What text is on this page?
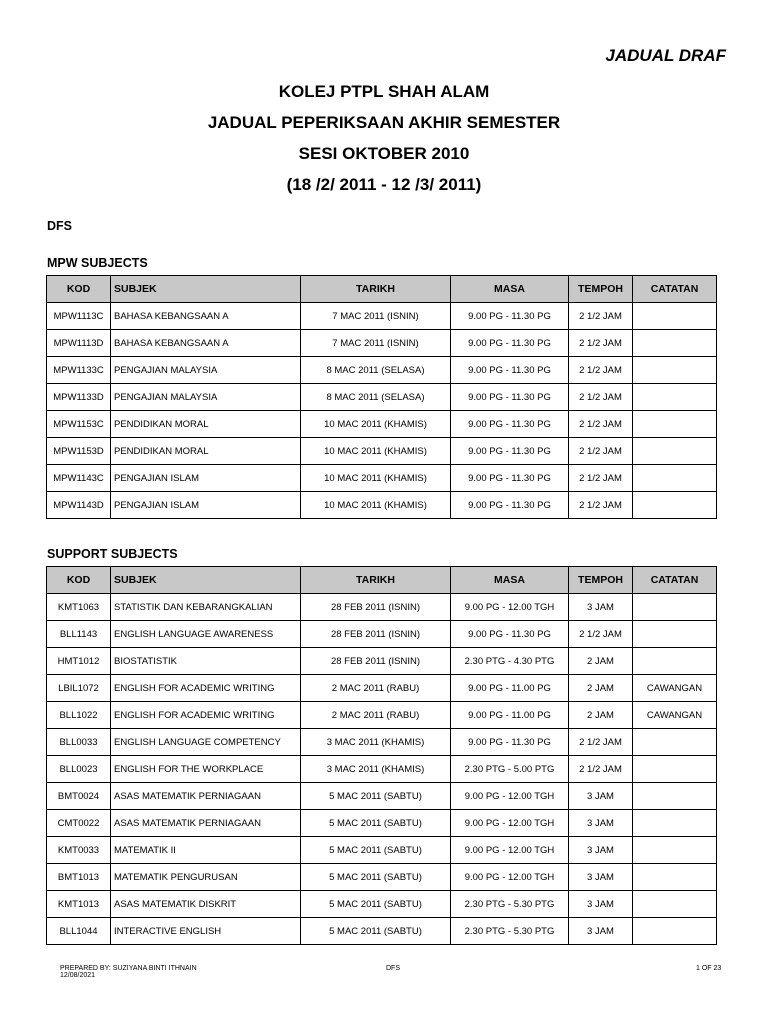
JADUAL DRAF
KOLEJ PTPL SHAH ALAM
JADUAL PEPERIKSAAN AKHIR SEMESTER
SESI OKTOBER 2010
(18 /2/ 2011 - 12 /3/ 2011)
DFS
MPW SUBJECTS
KOD	SUBJEK	TARIKH	MASA	TEMPOH	CATATAN
MPW1113C	BAHASA KEBANGSAAN A	7 MAC 2011 (ISNIN)	9.00 PG - 11.30 PG	2 1/2 JAM	
MPW1113D	BAHASA KEBANGSAAN A	7 MAC 2011 (ISNIN)	9.00 PG - 11.30 PG	2 1/2 JAM	
MPW1133C	PENGAJIAN MALAYSIA	8 MAC 2011 (SELASA)	9.00 PG - 11.30 PG	2 1/2 JAM	
MPW1133D	PENGAJIAN MALAYSIA	8 MAC 2011 (SELASA)	9.00 PG - 11.30 PG	2 1/2 JAM	
MPW1153C	PENDIDIKAN MORAL	10 MAC 2011 (KHAMIS)	9.00 PG - 11.30 PG	2 1/2 JAM	
MPW1153D	PENDIDIKAN MORAL	10 MAC 2011 (KHAMIS)	9.00 PG - 11.30 PG	2 1/2 JAM	
MPW1143C	PENGAJIAN ISLAM	10 MAC 2011 (KHAMIS)	9.00 PG - 11.30 PG	2 1/2 JAM	
MPW1143D	PENGAJIAN ISLAM	10 MAC 2011 (KHAMIS)	9.00 PG - 11.30 PG	2 1/2 JAM	
SUPPORT SUBJECTS
KOD	SUBJEK	TARIKH	MASA	TEMPOH	CATATAN
KMT1063	STATISTIK DAN KEBARANGKALIAN	28 FEB 2011 (ISNIN)	9.00 PG - 12.00 TGH	3 JAM	
BLL1143	ENGLISH LANGUAGE AWARENESS	28 FEB 2011 (ISNIN)	9.00 PG - 11.30 PG	2 1/2 JAM	
HMT1012	BIOSTATISTIK	28 FEB 2011 (ISNIN)	2.30 PTG - 4.30 PTG	2 JAM	
LBIL1072	ENGLISH FOR ACADEMIC WRITING	2 MAC 2011 (RABU)	9.00 PG - 11.00 PG	2 JAM	CAWANGAN
BLL1022	ENGLISH FOR ACADEMIC WRITING	2 MAC 2011 (RABU)	9.00 PG - 11.00 PG	2 JAM	CAWANGAN
BLL0033	ENGLISH LANGUAGE COMPETENCY	3 MAC 2011 (KHAMIS)	9.00 PG - 11.30 PG	2 1/2 JAM	
BLL0023	ENGLISH FOR THE WORKPLACE	3 MAC 2011 (KHAMIS)	2.30 PTG - 5.00 PTG	2 1/2 JAM	
BMT0024	ASAS MATEMATIK PERNIAGAAN	5 MAC 2011 (SABTU)	9.00 PG - 12.00 TGH	3 JAM	
CMT0022	ASAS MATEMATIK PERNIAGAAN	5 MAC 2011 (SABTU)	9.00 PG - 12.00 TGH	3 JAM	
KMT0033	MATEMATIK II	5 MAC 2011 (SABTU)	9.00 PG - 12.00 TGH	3 JAM	
BMT1013	MATEMATIK PENGURUSAN	5 MAC 2011 (SABTU)	9.00 PG - 12.00 TGH	3 JAM	
KMT1013	ASAS MATEMATIK DISKRIT	5 MAC 2011 (SABTU)	2.30 PTG - 5.30 PTG	3 JAM	
BLL1044	INTERACTIVE ENGLISH	5 MAC 2011 (SABTU)	2.30 PTG - 5.30 PTG	3 JAM	
PREPARED BY: SUZIYANA BINTI ITHNAIN
12/08/2021
DFS	1 OF 23
